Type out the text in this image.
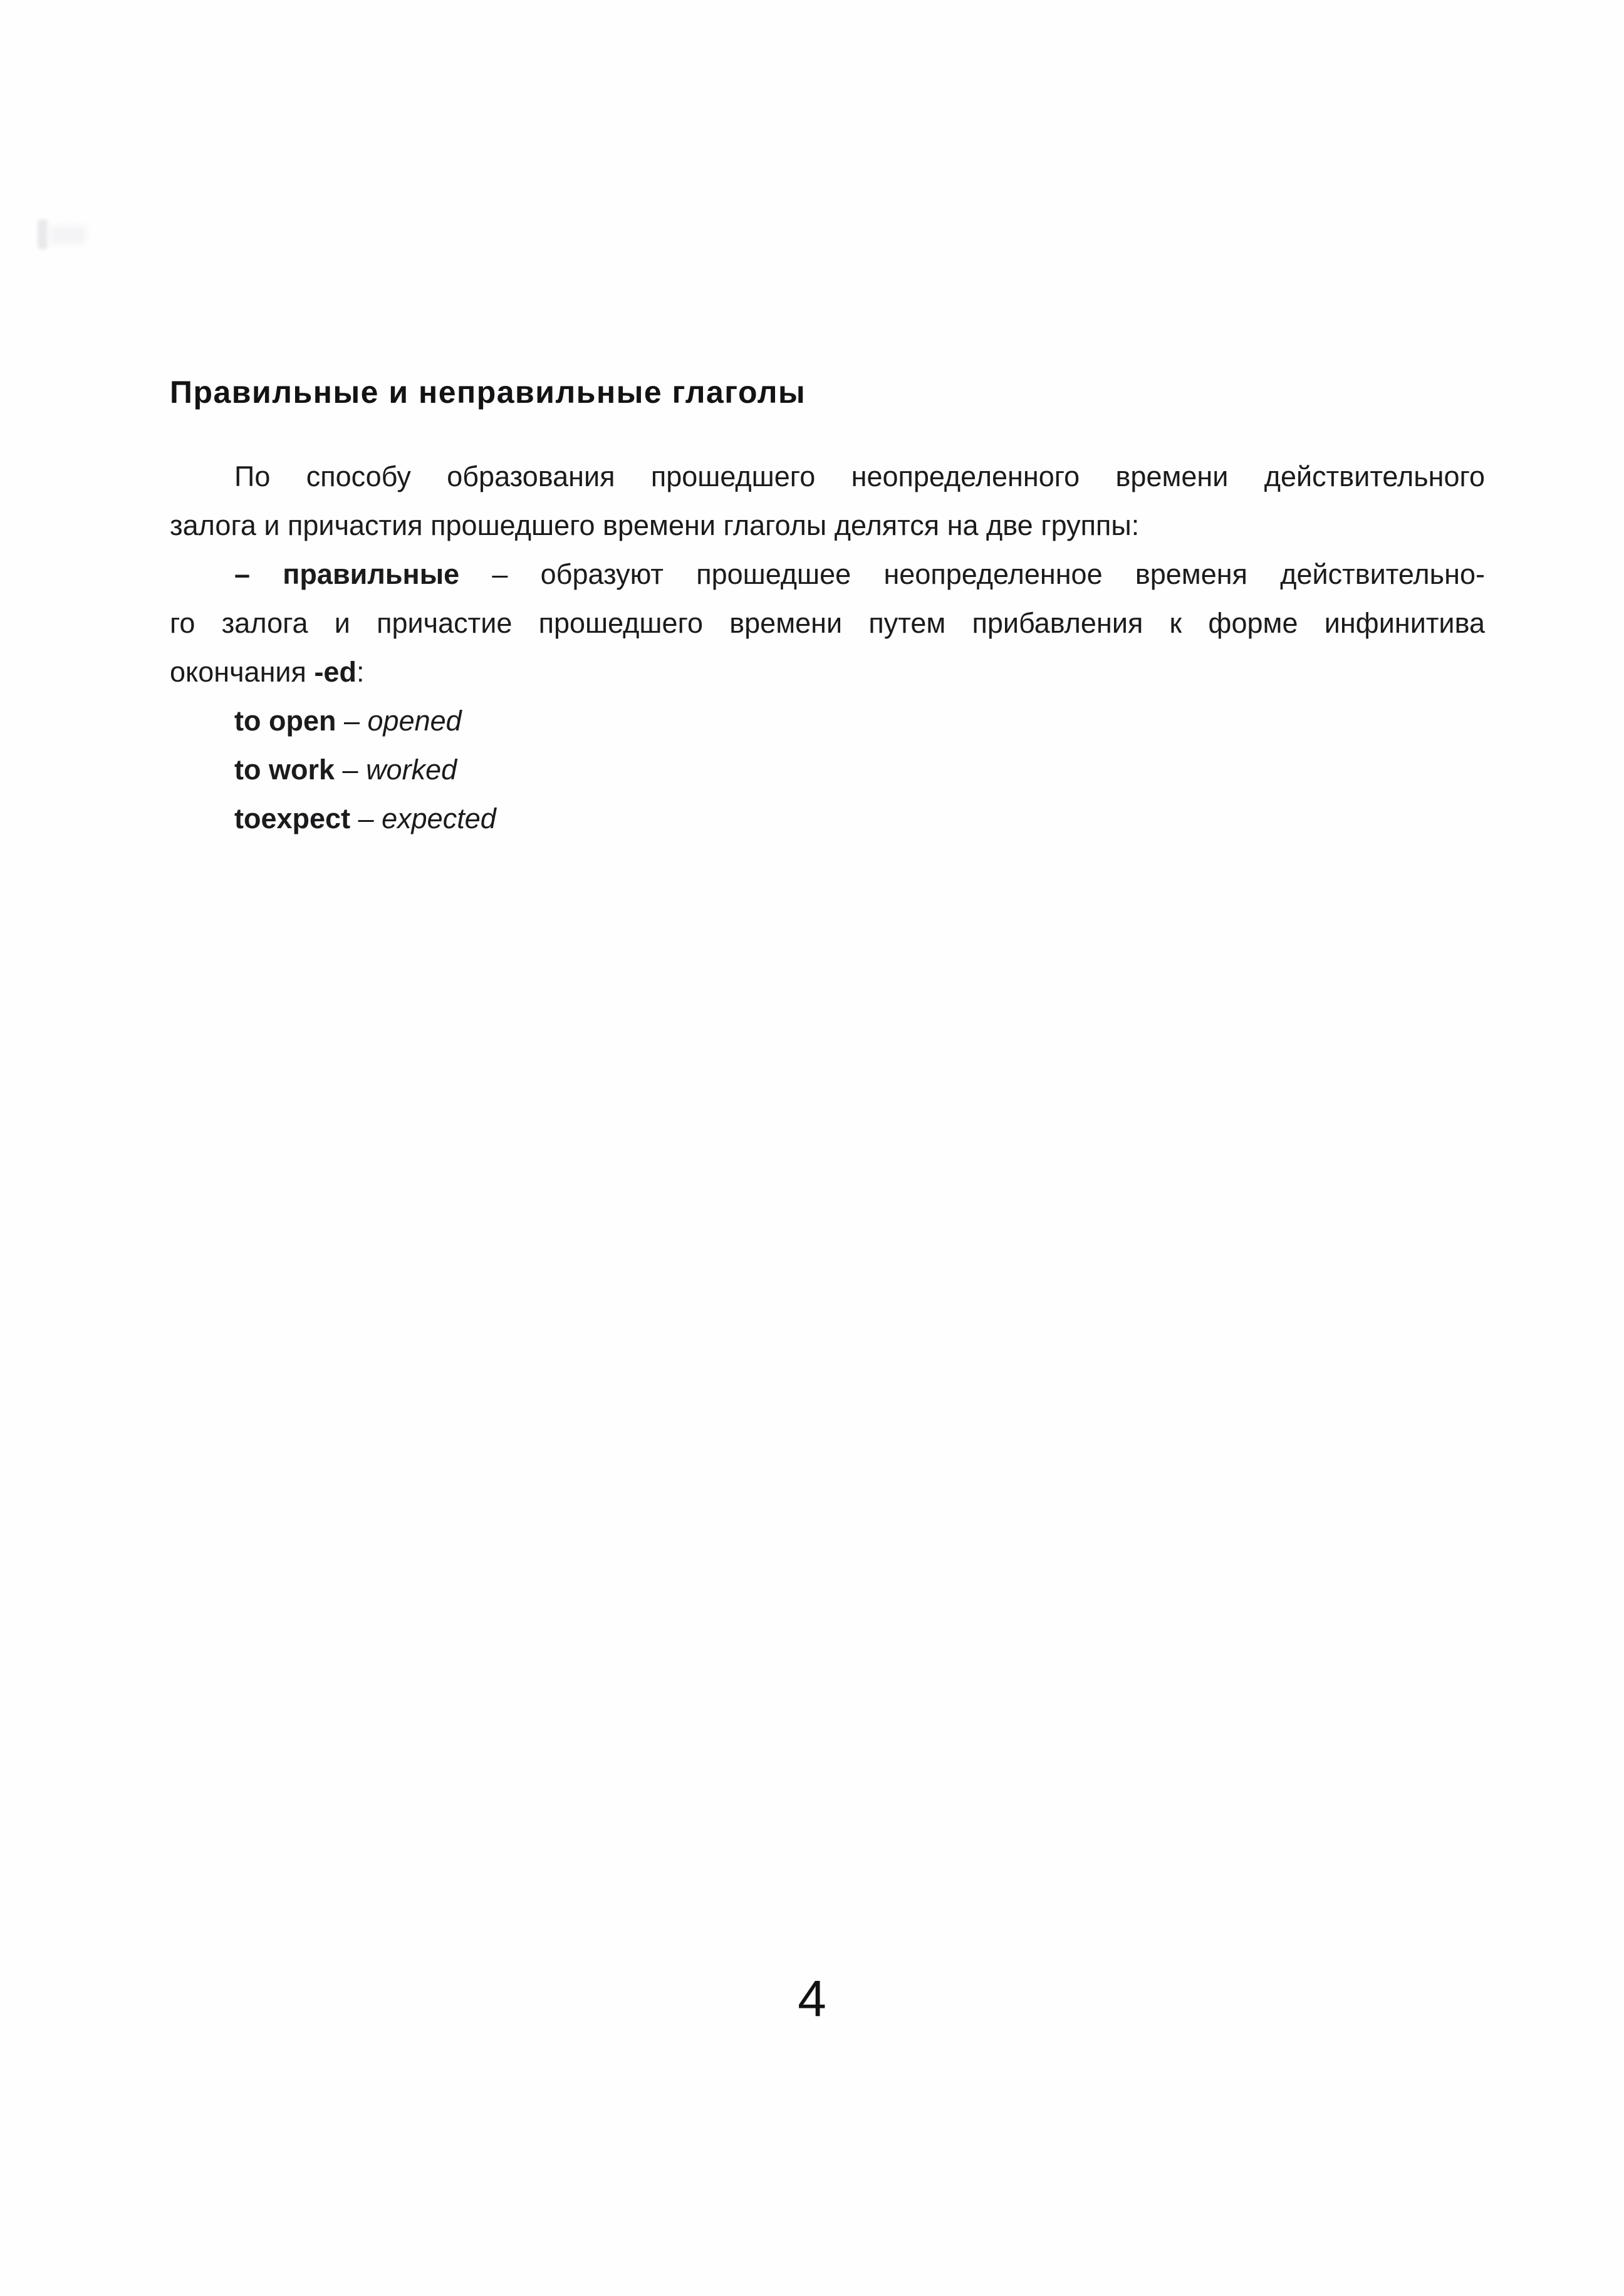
Правильные и неправильные глаголы
По способу образования прошедшего неопределенного времени действительного
залога и причастия прошедшего времени глаголы делятся на две группы:
– правильные – образуют прошедшее неопределенное временя действительно-
го залога и причастие прошедшего времени путем прибавления к форме инфинитива
окончания -ed:
to open – opened
to work – worked
toexpect – expected
4
